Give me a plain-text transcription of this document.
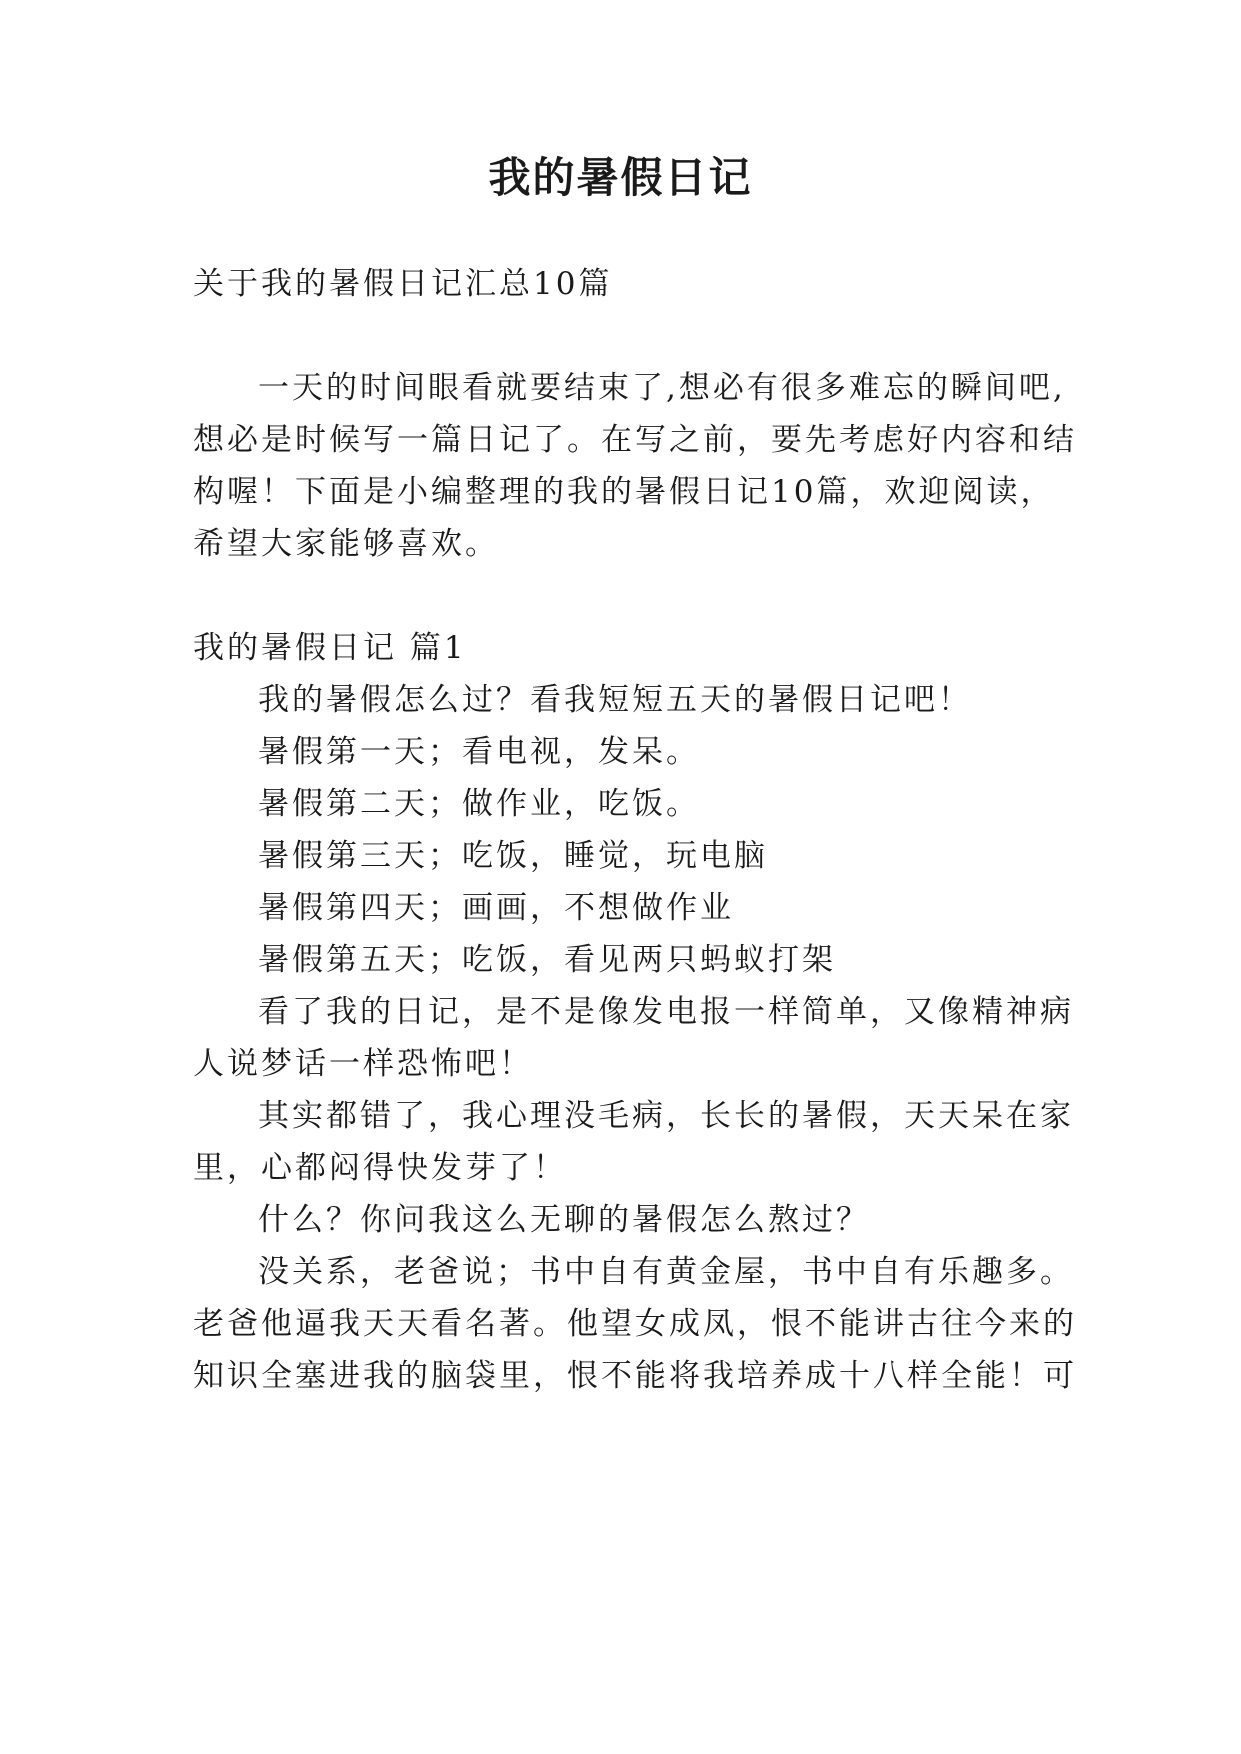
我的暑假日记
关于我的暑假日记汇总10篇
一天的时间眼看就要结束了,想必有很多难忘的瞬间吧,
想必是时候写一篇日记了。在写之前，要先考虑好内容和结
构喔！下面是小编整理的我的暑假日记10篇，欢迎阅读，
希望大家能够喜欢。
我的暑假日记 篇1
我的暑假怎么过？看我短短五天的暑假日记吧！
暑假第一天；看电视，发呆。
暑假第二天；做作业，吃饭。
暑假第三天；吃饭，睡觉，玩电脑
暑假第四天；画画，不想做作业
暑假第五天；吃饭，看见两只蚂蚁打架
看了我的日记，是不是像发电报一样简单，又像精神病
人说梦话一样恐怖吧！
其实都错了，我心理没毛病，长长的暑假，天天呆在家
里，心都闷得快发芽了！
什么？你问我这么无聊的暑假怎么熬过？
没关系，老爸说；书中自有黄金屋，书中自有乐趣多。
老爸他逼我天天看名著。他望女成凤，恨不能讲古往今来的
知识全塞进我的脑袋里，恨不能将我培养成十八样全能！可
